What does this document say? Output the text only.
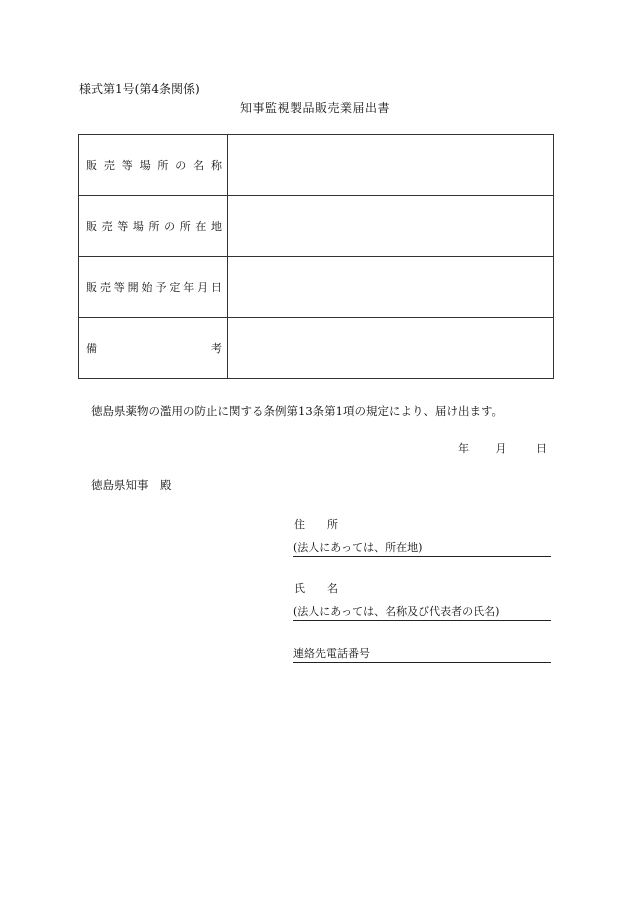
様式第1号(第4条関係)
知事監視製品販売業届出書
販売等場所の名称	

販売等場所の所在地	

販売等開始予定年月日	

備考	

徳島県薬物の濫用の防止に関する条例第13条第1項の規定により、届け出ます。
年 月	日
徳島県知事　殿
住　　所
(法人にあっては、所在地)
氏　　名
(法人にあっては、名称及び代表者の氏名)
連絡先電話番号
